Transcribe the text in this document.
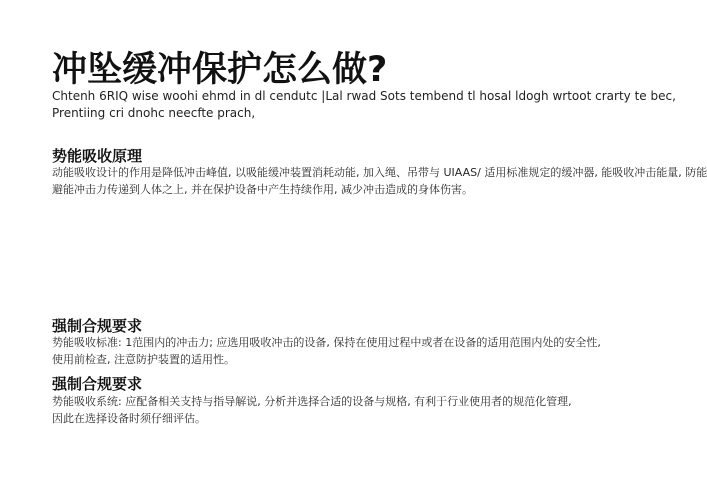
冲坠缓冲保护怎么做?
Chtenh 6RIQ wise woohi ehmd in dl cendutc |Lal rwad Sots tembend tl hosal ldogh wrtoot crarty te bec,
Prentiing cri dnohc neecfte prach,
势能吸收原理
动能吸收设计的作用是降低冲击峰值, 以吸能缓冲装置消耗动能, 加入绳、吊带与 UIAAS/ 适用标准规定的缓冲器, 能吸收冲击能量, 防能
避能冲击力传递到人体之上, 并在保护设备中产生持续作用, 减少冲击造成的身体伤害。
强制合规要求
势能吸收标准: 1范围内的冲击力; 应选用吸收冲击的设备, 保持在使用过程中或者在设备的适用范围内处的安全性,
使用前检查, 注意防护装置的适用性。
强制合规要求
势能吸收系统: 应配备相关支持与指导解说, 分析并选择合适的设备与规格, 有利于行业使用者的规范化管理,
因此在选择设备时须仔细评估。
